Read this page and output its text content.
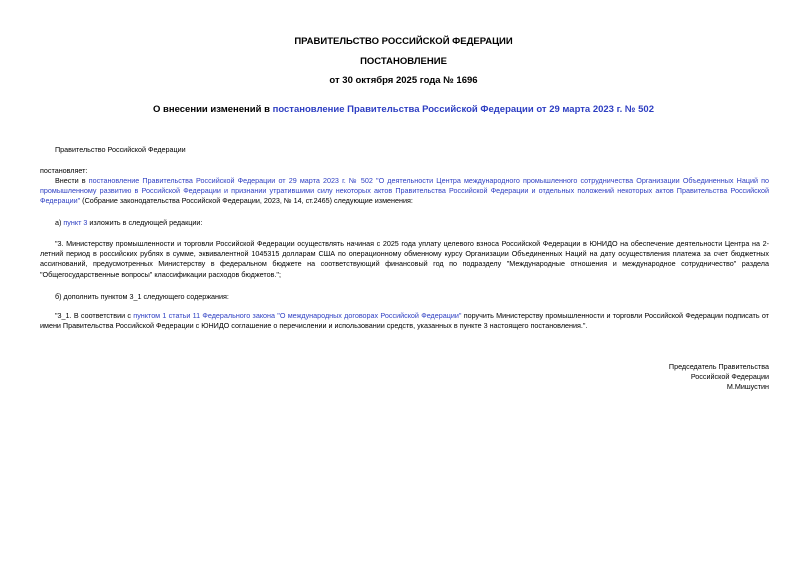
ПРАВИТЕЛЬСТВО РОССИЙСКОЙ ФЕДЕРАЦИИ
ПОСТАНОВЛЕНИЕ
от 30 октября 2025 года № 1696
О внесении изменений в постановление Правительства Российской Федерации от 29 марта 2023 г. № 502
Правительство Российской Федерации
постановляет:
Внести в постановление Правительства Российской Федерации от 29 марта 2023 г. № 502 "О деятельности Центра международного промышленного сотрудничества Организации Объединенных Наций по промышленному развитию в Российской Федерации и признании утратившими силу некоторых актов Правительства Российской Федерации и отдельных положений некоторых актов Правительства Российской Федерации" (Собрание законодательства Российской Федерации, 2023, № 14, ст.2465) следующие изменения:
а) пункт 3 изложить в следующей редакции:
"3. Министерству промышленности и торговли Российской Федерации осуществлять начиная с 2025 года уплату целевого взноса Российской Федерации в ЮНИДО на обеспечение деятельности Центра на 2-летний период в российских рублях в сумме, эквивалентной 1045315 долларам США по операционному обменному курсу Организации Объединенных Наций на дату осуществления платежа за счет бюджетных ассигнований, предусмотренных Министерству в федеральном бюджете на соответствующий финансовый год по подразделу "Международные отношения и международное сотрудничество" раздела "Общегосударственные вопросы" классификации расходов бюджетов.";
б) дополнить пунктом 3_1 следующего содержания:
"3_1. В соответствии с пунктом 1 статьи 11 Федерального закона "О международных договорах Российской Федерации" поручить Министерству промышленности и торговли Российской Федерации подписать от имени Правительства Российской Федерации с ЮНИДО соглашение о перечислении и использовании средств, указанных в пункте 3 настоящего постановления.".
Председатель Правительства
Российской Федерации
М.Мишустин
